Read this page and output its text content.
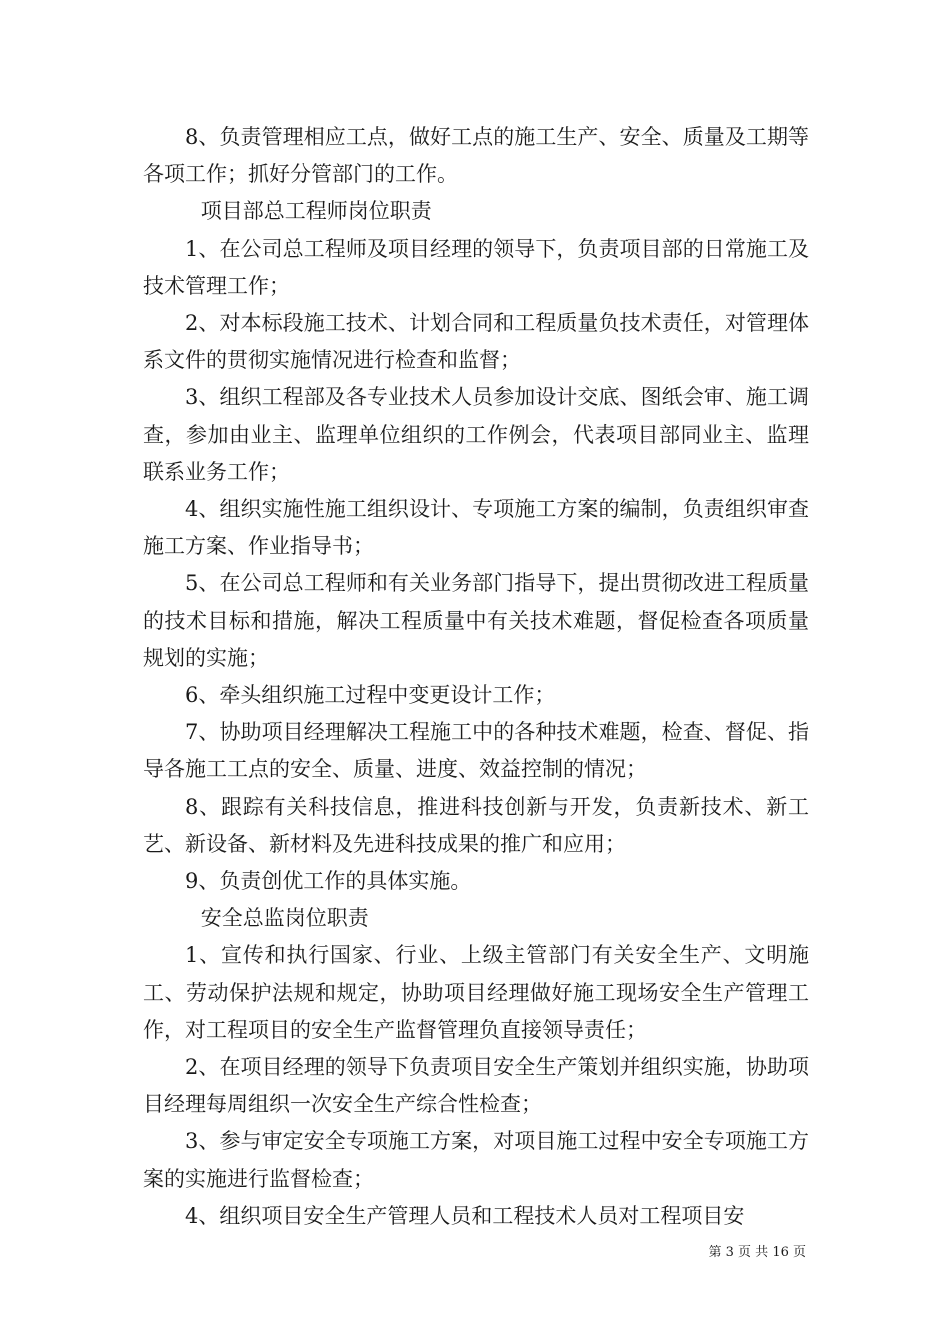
8、负责管理相应工点，做好工点的施工生产、安全、质量及工期等各项工作；抓好分管部门的工作。

项目部总工程师岗位职责

1、在公司总工程师及项目经理的领导下，负责项目部的日常施工及技术管理工作；

2、对本标段施工技术、计划合同和工程质量负技术责任，对管理体系文件的贯彻实施情况进行检查和监督；

3、组织工程部及各专业技术人员参加设计交底、图纸会审、施工调查，参加由业主、监理单位组织的工作例会，代表项目部同业主、监理联系业务工作；

4、组织实施性施工组织设计、专项施工方案的编制，负责组织审查施工方案、作业指导书；

5、在公司总工程师和有关业务部门指导下，提出贯彻改进工程质量的技术目标和措施，解决工程质量中有关技术难题，督促检查各项质量规划的实施；

6、牵头组织施工过程中变更设计工作；

7、协助项目经理解决工程施工中的各种技术难题，检查、督促、指导各施工工点的安全、质量、进度、效益控制的情况；

8、跟踪有关科技信息，推进科技创新与开发，负责新技术、新工艺、新设备、新材料及先进科技成果的推广和应用；

9、负责创优工作的具体实施。

安全总监岗位职责

1、宣传和执行国家、行业、上级主管部门有关安全生产、文明施工、劳动保护法规和规定，协助项目经理做好施工现场安全生产管理工作，对工程项目的安全生产监督管理负直接领导责任；

2、在项目经理的领导下负责项目安全生产策划并组织实施，协助项目经理每周组织一次安全生产综合性检查；

3、参与审定安全专项施工方案，对项目施工过程中安全专项施工方案的实施进行监督检查；

4、组织项目安全生产管理人员和工程技术人员对工程项目安

第 3 页 共 16 页
